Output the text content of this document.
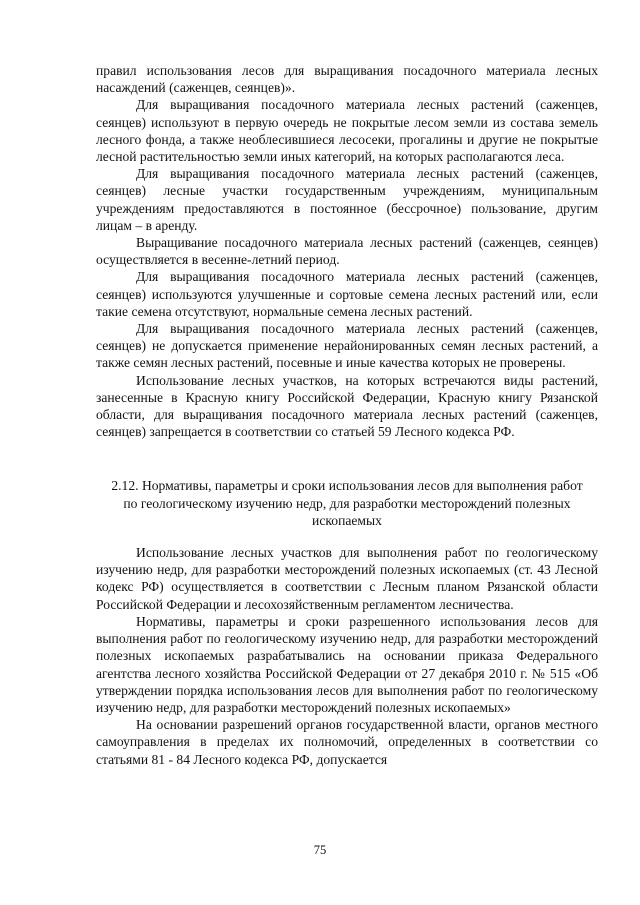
правил использования лесов для выращивания посадочного материала лесных насаждений (саженцев, сеянцев)».

Для выращивания посадочного материала лесных растений (саженцев, сеянцев) используют в первую очередь не покрытые лесом земли из состава земель лесного фонда, а также необлесившиеся лесосеки, прогалины и другие не покрытые лесной растительностью земли иных категорий, на которых располагаются леса.

Для выращивания посадочного материала лесных растений (саженцев, сеянцев) лесные участки государственным учреждениям, муниципальным учреждениям предоставляются в постоянное (бессрочное) пользование, другим лицам – в аренду.

Выращивание посадочного материала лесных растений (саженцев, сеянцев) осуществляется в весенне-летний период.

Для выращивания посадочного материала лесных растений (саженцев, сеянцев) используются улучшенные и сортовые семена лесных растений или, если такие семена отсутствуют, нормальные семена лесных растений.

Для выращивания посадочного материала лесных растений (саженцев, сеянцев) не допускается применение нерайонированных семян лесных растений, а также семян лесных растений, посевные и иные качества которых не проверены.

Использование лесных участков, на которых встречаются виды растений, занесенные в Красную книгу Российской Федерации, Красную книгу Рязанской области, для выращивания посадочного материала лесных растений (саженцев, сеянцев) запрещается в соответствии со статьей 59 Лесного кодекса РФ.

2.12. Нормативы, параметры и сроки использования лесов для выполнения работ по геологическому изучению недр, для разработки месторождений полезных ископаемых

Использование лесных участков для выполнения работ по геологическому изучению недр, для разработки месторождений полезных ископаемых (ст. 43 Лесной кодекс РФ) осуществляется в соответствии с Лесным планом Рязанской области Российской Федерации и лесохозяйственным регламентом лесничества.

Нормативы, параметры и сроки разрешенного использования лесов для выполнения работ по геологическому изучению недр, для разработки месторождений полезных ископаемых разрабатывались на основании приказа Федерального агентства лесного хозяйства Российской Федерации от 27 декабря 2010 г. № 515 «Об утверждении порядка использования лесов для выполнения работ по геологическому изучению недр, для разработки месторождений полезных ископаемых»

На основании разрешений органов государственной власти, органов местного самоуправления в пределах их полномочий, определенных в соответствии со статьями 81 - 84 Лесного кодекса РФ, допускается

75
